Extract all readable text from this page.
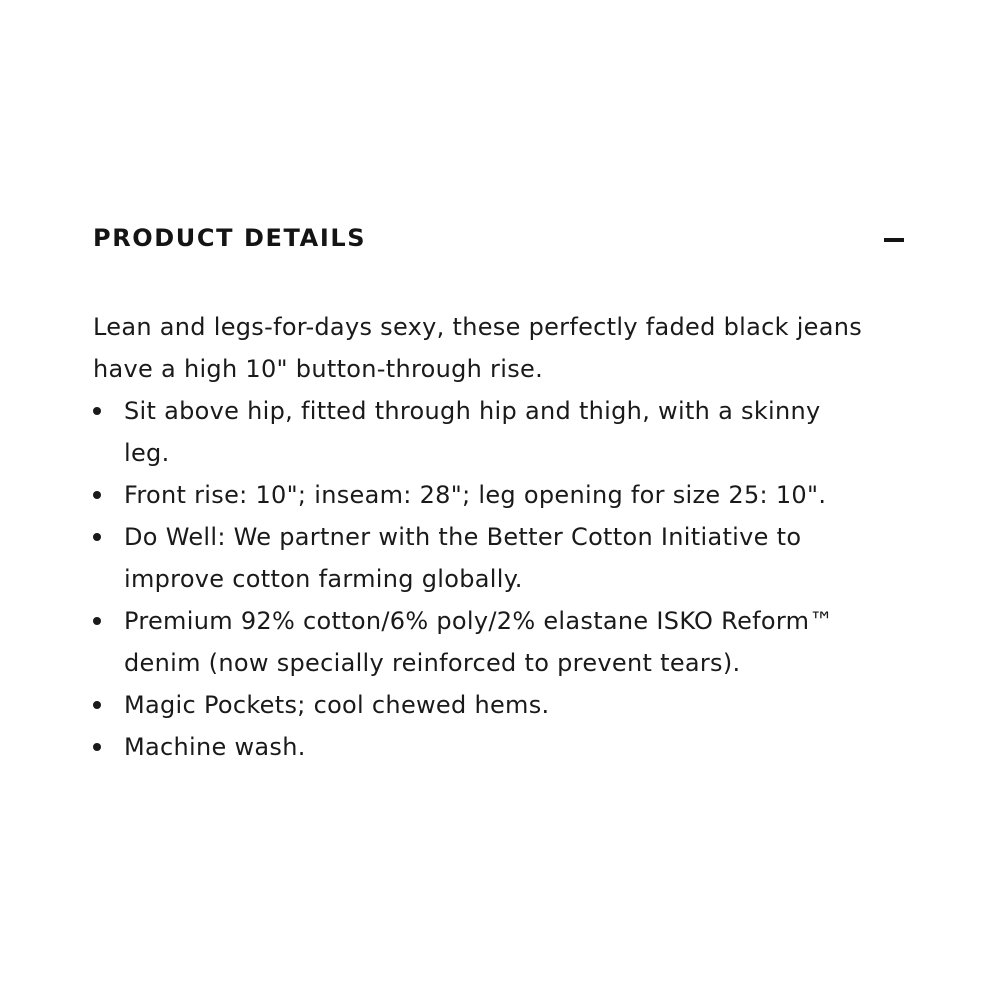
PRODUCT DETAILS

Lean and legs-for-days sexy, these perfectly faded black jeans have a high 10" button-through rise.

Sit above hip, fitted through hip and thigh, with a skinny leg.
Front rise: 10"; inseam: 28"; leg opening for size 25: 10".
Do Well: We partner with the Better Cotton Initiative to improve cotton farming globally.
Premium 92% cotton/6% poly/2% elastane ISKO Reform™ denim (now specially reinforced to prevent tears).
Magic Pockets; cool chewed hems.
Machine wash.
